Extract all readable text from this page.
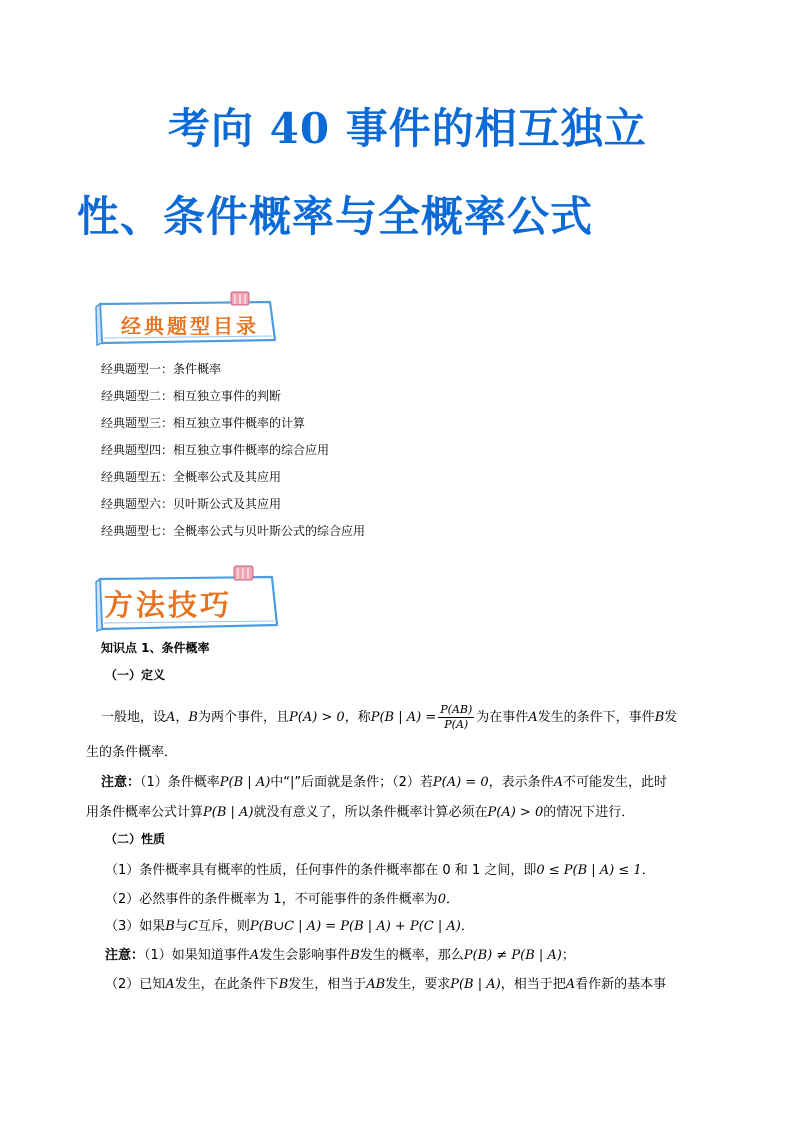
考向 40 事件的相互独立
性、条件概率与全概率公式
经典题型目录
经典题型一：条件概率
经典题型二：相互独立事件的判断
经典题型三：相互独立事件概率的计算
经典题型四：相互独立事件概率的综合应用
经典题型五：全概率公式及其应用
经典题型六：贝叶斯公式及其应用
经典题型七：全概率公式与贝叶斯公式的综合应用
方法技巧
知识点 1、条件概率
（一）定义
一般地，设A，B为两个事件，且P(A) > 0，称P(B | $A) = \frac{P(AB)}{P(A)}$ 为在事件A发生的条件下，事件B发
生的条件概率．
注意：（1）条件概率P(B | A)中“|”后面就是条件；（2）若P(A) = 0，表示条件A不可能发生，此时
用条件概率公式计算P(B | A)就没有意义了，所以条件概率计算必须在P(A) > 0的情况下进行．
（二）性质
（1）条件概率具有概率的性质，任何事件的条件概率都在 0 和 1 之间，即0 ≤ P(B | A) ≤ 1．
（2）必然事件的条件概率为 1，不可能事件的条件概率为0．
（3）如果B与C互斥，则P(B∪C | A) = P(B | A) + P(C | A)．
注意：（1）如果知道事件A发生会影响事件B发生的概率，那么P(B) ≠ P(B | A)；
（2）已知A发生，在此条件下B发生，相当于AB发生，要求P(B | A)，相当于把A看作新的基本事
